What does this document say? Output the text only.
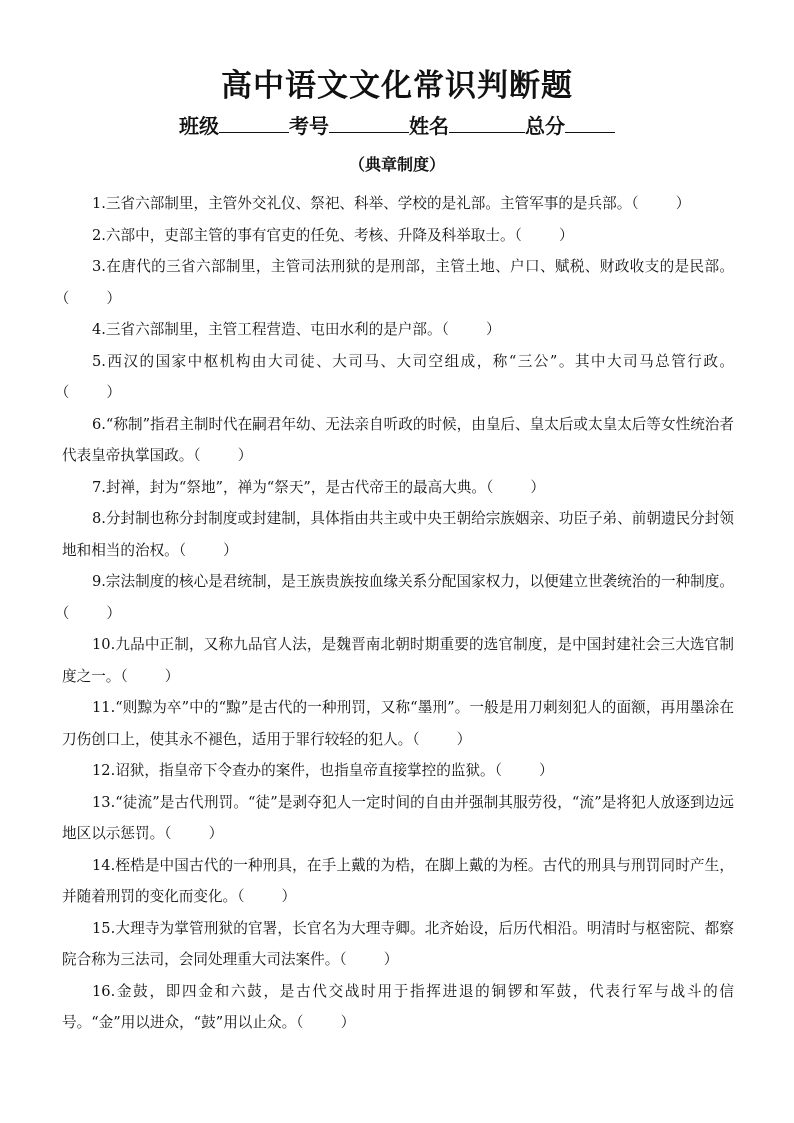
高中语文文化常识判断题
班级	考号	姓名	总分
（典章制度）

1.三省六部制里，主管外交礼仪、祭祀、科举、学校的是礼部。主管军事的是兵部。（        ）

2.六部中，吏部主管的事有官吏的任免、考核、升降及科举取士。（        ）

3.在唐代的三省六部制里，主管司法刑狱的是刑部，主管土地、户口、赋税、财政收支的是民部。（        ）

4.三省六部制里，主管工程营造、屯田水利的是户部。（        ）

5.西汉的国家中枢机构由大司徒、大司马、大司空组成，称“三公”。其中大司马总管行政。（        ）

6.“称制”指君主制时代在嗣君年幼、无法亲自听政的时候，由皇后、皇太后或太皇太后等女性统治者代表皇帝执掌国政。（        ）

7.封禅，封为“祭地”，禅为“祭天”，是古代帝王的最高大典。（        ）

8.分封制也称分封制度或封建制，具体指由共主或中央王朝给宗族姻亲、功臣子弟、前朝遗民分封领地和相当的治权。（        ）

9.宗法制度的核心是君统制，是王族贵族按血缘关系分配国家权力，以便建立世袭统治的一种制度。（        ）

10.九品中正制，又称九品官人法，是魏晋南北朝时期重要的选官制度，是中国封建社会三大选官制度之一。（        ）

11.“则黥为卒”中的“黥”是古代的一种刑罚，又称“墨刑”。一般是用刀刺刻犯人的面额，再用墨涂在刀伤创口上，使其永不褪色，适用于罪行较轻的犯人。（        ）

12.诏狱，指皇帝下令查办的案件，也指皇帝直接掌控的监狱。（        ）

13.“徒流”是古代刑罚。“徒”是剥夺犯人一定时间的自由并强制其服劳役，“流”是将犯人放逐到边远地区以示惩罚。（        ）

14.桎梏是中国古代的一种刑具，在手上戴的为梏，在脚上戴的为桎。古代的刑具与刑罚同时产生，并随着刑罚的变化而变化。（        ）

15.大理寺为掌管刑狱的官署，长官名为大理寺卿。北齐始设，后历代相沿。明清时与枢密院、都察院合称为三法司，会同处理重大司法案件。（        ）

16.金鼓，即四金和六鼓，是古代交战时用于指挥进退的铜锣和军鼓，代表行军与战斗的信号。“金”用以进众，“鼓”用以止众。（        ）
